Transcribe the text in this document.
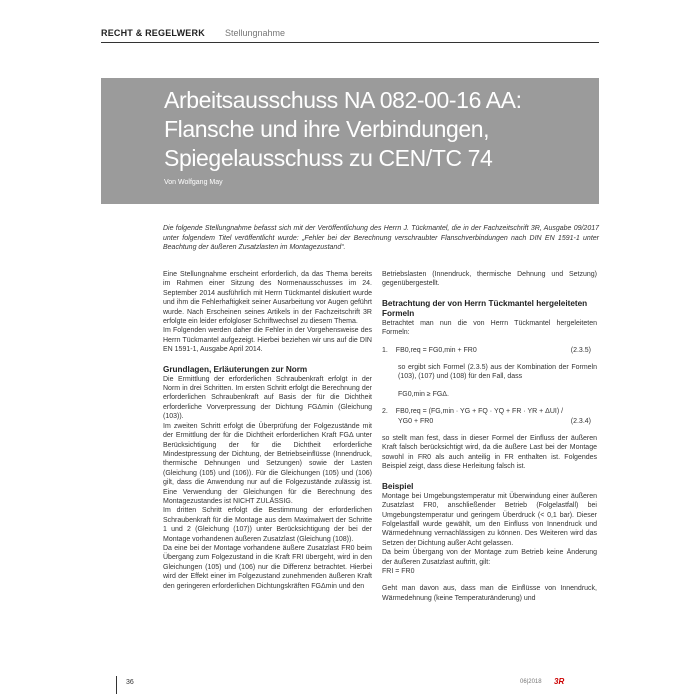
RECHT & REGELWERK Stellungnahme
Arbeitsausschuss NA 082-00-16 AA:
Flansche und ihre Verbindungen,
Spiegelausschuss zu CEN/TC 74
Von Wolfgang May
Die folgende Stellungnahme befasst sich mit der Veröffentlichung des Herrn J. Tückmantel, die in der Fachzeitschrift 3R, Ausgabe 09/2017 unter folgendem Titel veröffentlicht wurde: „Fehler bei der Berechnung verschraubter Flanschverbindungen nach DIN EN 1591-1 unter Beachtung der äußeren Zusatzlasten im Montagezustand“.

Eine Stellungnahme erscheint erforderlich, da das Thema bereits im Rahmen einer Sitzung des Normenausschusses im 24. September 2014 ausführlich mit Herrn Tückmantel diskutiert wurde und ihm die Fehlerhaftigkeit seiner Ausarbeitung vor Augen geführt wurde. Nach Erscheinen seines Artikels in der Fachzeitschrift 3R erfolgte ein leider erfolgloser Schriftwechsel zu diesem Thema.

Im Folgenden werden daher die Fehler in der Vorgehensweise des Herrn Tückmantel aufgezeigt. Hierbei beziehen wir uns auf die DIN EN 1591-1, Ausgabe April 2014.

Grundlagen, Erläuterungen zur Norm

Die Ermittlung der erforderlichen Schraubenkraft erfolgt in der Norm in drei Schritten. Im ersten Schritt erfolgt die Berechnung der erforderlichen Schraubenkraft auf Basis der für die Dichtheit erforderliche Vorverpressung der Dichtung FGΔmin (Gleichung (103)).

Im zweiten Schritt erfolgt die Überprüfung der Folgezustände mit der Ermittlung der für die Dichtheit erforderlichen Kraft FGΔ unter Berücksichtigung der für die Dichtheit erforderliche Mindestpressung der Dichtung, der Betriebseinflüsse (Innendruck, thermische Dehnungen und Setzungen) sowie der Lasten (Gleichung (105) und (106)). Für die Gleichungen (105) und (106) gilt, dass die Anwendung nur auf die Folgezustände zulässig ist. Eine Verwendung der Gleichungen für die Berechnung des Montagezustandes ist NICHT ZULÄSSIG.

Im dritten Schritt erfolgt die Bestimmung der erforderlichen Schraubenkraft für die Montage aus dem Maximalwert der Schritte 1 und 2 (Gleichung (107)) unter Berücksichtigung der bei der Montage vorhandenen äußeren Zusatzlast (Gleichung (108)).

Da eine bei der Montage vorhandene äußere Zusatzlast FR0 beim Übergang zum Folgezustand in die Kraft FRI übergeht, wird in den Gleichungen (105) und (106) nur die Differenz betrachtet. Hierbei wird der Effekt einer im Folgezustand zunehmenden äußeren Kraft den geringeren erforderlichen Dichtungskräften FGΔmin und den

Betriebslasten (Innendruck, thermische Dehnung und Setzung) gegenübergestellt.

Betrachtung der von Herrn Tückmantel hergeleiteten Formeln

Betrachtet man nun die von Herrn Tückmantel hergeleiteten Formeln:

1. FB0,req = FG0,min + FR0	(2.3.5)

so ergibt sich Formel (2.3.5) aus der Kombination der Formeln (103), (107) und (108) für den Fall, dass

FG0,min ≥ FGΔ.
2. FB0,req = (FG,min · YG + FQ · YQ + FR · YR + ΔUI) /
YG0 + FR0	(2.3.4)

so stellt man fest, dass in dieser Formel der Einfluss der äußeren Kraft falsch berücksichtigt wird, da die äußere Last bei der Montage sowohl in FR0 als auch anteilig in FR enthalten ist. Folgendes Beispiel zeigt, dass diese Herleitung falsch ist.

Beispiel

Montage bei Umgebungstemperatur mit Überwindung einer äußeren Zusatzlast FR0, anschließender Betrieb (Folgelastfall) bei Umgebungstemperatur und geringem Überdruck (< 0,1 bar). Dieser Folgelastfall wurde gewählt, um den Einfluss von Innendruck und Wärmedehnung vernachlässigen zu können. Des Weiteren wird das Setzen der Dichtung außer Acht gelassen.

Da beim Übergang von der Montage zum Betrieb keine Änderung der äußeren Zusatzlast auftritt, gilt:

FRI = FR0

Geht man davon aus, dass man die Einflüsse von Innendruck, Wärmedehnung (keine Temperaturänderung) und

36	06|2018 3R
